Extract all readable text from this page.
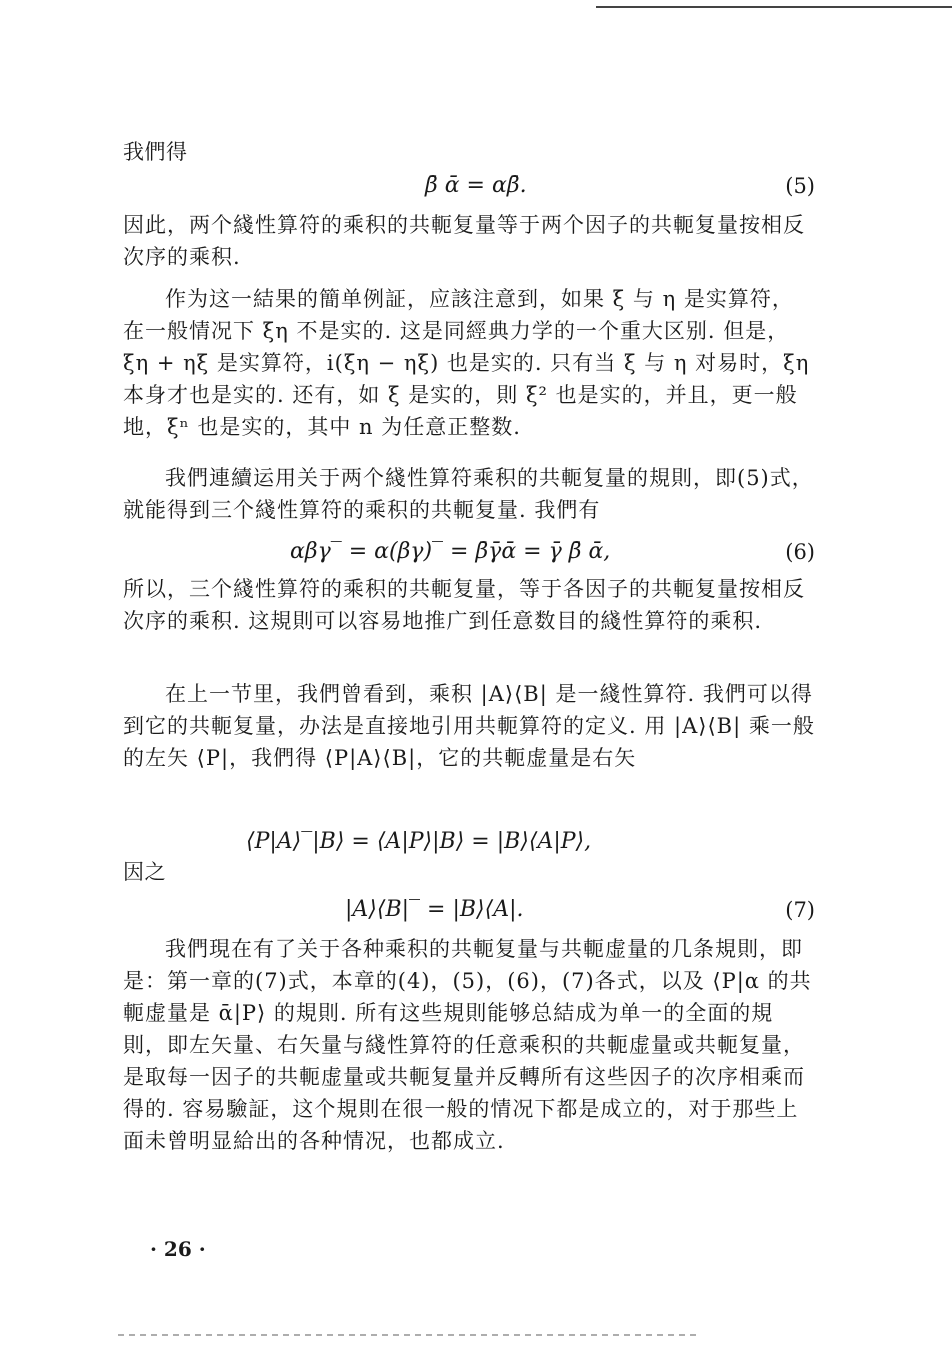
我們得
β̄ ᾱ = αβ̄.	(5)
因此，两个綫性算符的乘积的共軛复量等于两个因子的共軛复量按相反次序的乘积.
作为这一結果的簡单例証，应該注意到，如果 ξ 与 η 是实算符，在一般情况下 ξη 不是实的. 这是同經典力学的一个重大区别. 但是，ξη + ηξ 是实算符，i(ξη − ηξ) 也是实的. 只有当 ξ 与 η 对易时，ξη 本身才也是实的. 还有，如 ξ 是实的，則 ξ² 也是实的，并且，更一般地，ξⁿ 也是实的，其中 n 为任意正整数.
我們連續运用关于两个綫性算符乘积的共軛复量的規則，即(5)式，就能得到三个綫性算符的乘积的共軛复量. 我們有
αβγ‾ = α(βγ)‾ = β̄γ̄ᾱ = γ̄ β̄ ᾱ,	(6)
所以，三个綫性算符的乘积的共軛复量，等于各因子的共軛复量按相反次序的乘积. 这規則可以容易地推广到任意数目的綫性算符的乘积.
在上一节里，我們曾看到，乘积 |A⟩⟨B| 是一綫性算符. 我們可以得到它的共軛复量，办法是直接地引用共軛算符的定义. 用 |A⟩⟨B| 乘一般的左矢 ⟨P|，我們得 ⟨P|A⟩⟨B|，它的共軛虚量是右矢
⟨P|A⟩‾|B⟩ = ⟨A|P⟩|B⟩ = |B⟩⟨A|P⟩,
因之
|A⟩⟨B|‾ = |B⟩⟨A|.	(7)
我們現在有了关于各种乘积的共軛复量与共軛虚量的几条規則，即是：第一章的(7)式，本章的(4)，(5)，(6)，(7)各式，以及 ⟨P|α 的共軛虚量是 ᾱ|P⟩ 的規則. 所有这些規則能够总結成为单一的全面的規則，即左矢量、右矢量与綫性算符的任意乘积的共軛虚量或共軛复量，是取每一因子的共軛虚量或共軛复量并反轉所有这些因子的次序相乘而得的. 容易驗証，这个規則在很一般的情况下都是成立的，对于那些上面未曾明显給出的各种情况，也都成立.
· 26 ·
